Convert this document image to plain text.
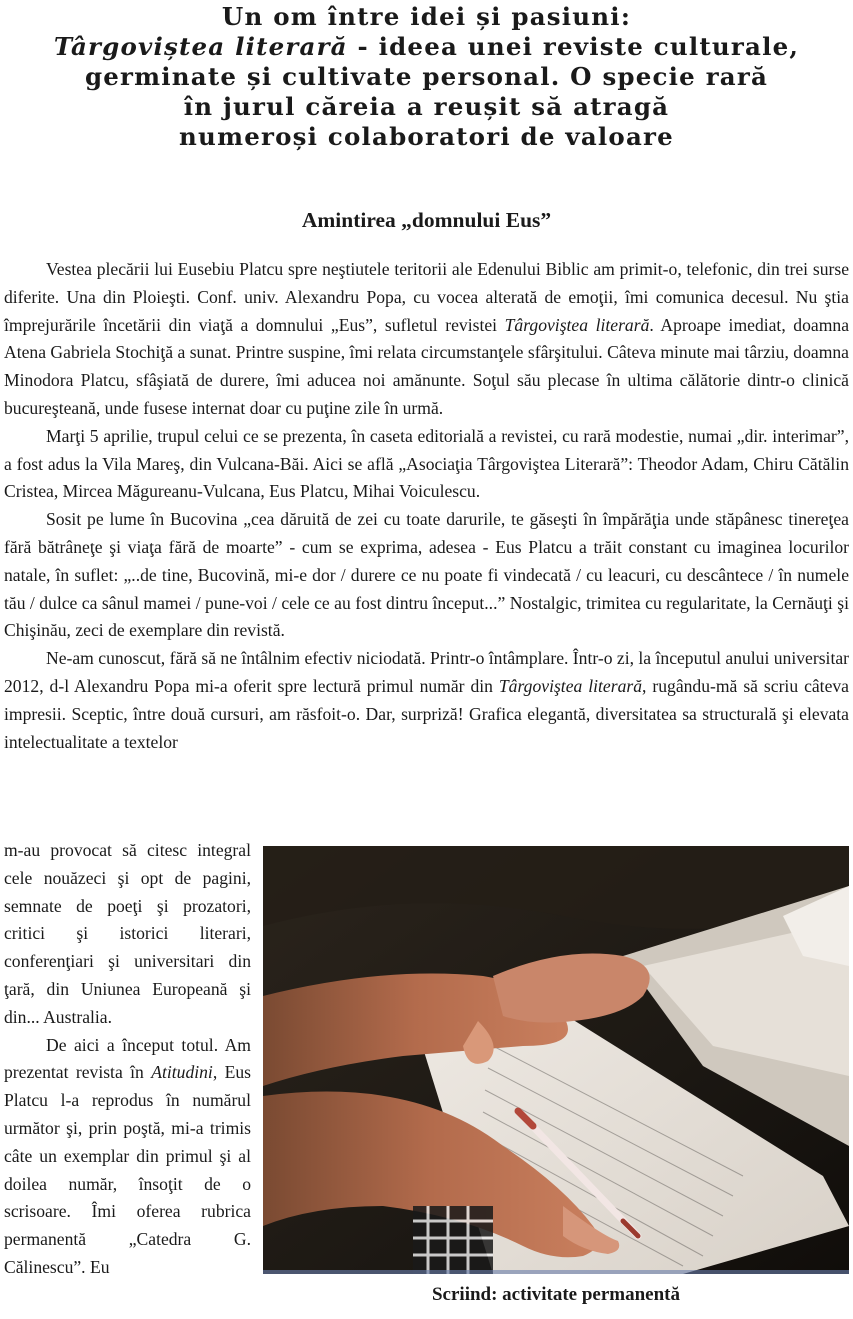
Un om între idei și pasiuni:
Târgoviștea literară - ideea unei reviste culturale,
germinate și cultivate personal. O specie rară
în jurul căreia a reușit să atragă
numeroși colaboratori de valoare
Amintirea „domnului Eus”

Vestea plecării lui Eusebiu Platcu spre neştiutele teritorii ale Edenului Biblic am primit-o, telefonic, din trei surse diferite. Una din Ploieşti. Conf. univ. Alexandru Popa, cu vocea alterată de emoţii, îmi comunica decesul. Nu ştia împrejurările încetării din viaţă a domnului „Eus”, sufletul revistei Târgoviştea literară. Aproape imediat, doamna Atena Gabriela Stochiţă a sunat. Printre suspine, îmi relata circumstanţele sfârşitului. Câteva minute mai târziu, doamna Minodora Platcu, sfâşiată de durere, îmi aducea noi amănunte. Soţul său plecase în ultima călătorie dintr-o clinică bucureşteană, unde fusese internat doar cu puţine zile în urmă.

Marţi 5 aprilie, trupul celui ce se prezenta, în caseta editorială a revistei, cu rară modestie, numai „dir. interimar”, a fost adus la Vila Mareş, din Vulcana-Băi. Aici se află „Asociaţia Târgoviştea Literară”: Theodor Adam, Chiru Cătălin Cristea, Mircea Măgureanu-Vulcana, Eus Platcu, Mihai Voiculescu.

Sosit pe lume în Bucovina „cea dăruită de zei cu toate darurile, te găseşti în împărăţia unde stăpânesc tinereţea fără bătrâneţe şi viaţa fără de moarte” - cum se exprima, adesea - Eus Platcu a trăit constant cu imaginea locurilor natale, în suflet: „..de tine, Bucovină, mi-e dor / durere ce nu poate fi vindecată / cu leacuri, cu descântece / în numele tău / dulce ca sânul mamei / pune-voi / cele ce au fost dintru început...” Nostalgic, trimitea cu regularitate, la Cernăuţi şi Chişinău, zeci de exemplare din revistă.

Ne-am cunoscut, fără să ne întâlnim efectiv niciodată. Printr-o întâmplare. Într-o zi, la începutul anului universitar 2012, d-l Alexandru Popa mi-a oferit spre lectură primul număr din Târgoviştea literară, rugându-mă să scriu câteva impresii. Sceptic, între două cursuri, am răsfoit-o. Dar, surpriză! Grafica elegantă, diversitatea sa structurală şi elevata intelectualitate a textelor

m-au provocat să citesc integral cele nouăzeci şi opt de pagini, semnate de poeţi şi prozatori, critici şi istorici literari, conferenţiari şi universitari din ţară, din Uniunea Europeană şi din... Australia.

De aici a început totul. Am prezentat revista în Atitudini, Eus Platcu l-a reprodus în numărul următor şi, prin poştă, mi-a trimis câte un exemplar din primul şi al doilea număr, însoţit de o scrisoare. Îmi oferea rubrica permanentă „Catedra G. Călinescu”. Eu

Scriind: activitate permanentă
